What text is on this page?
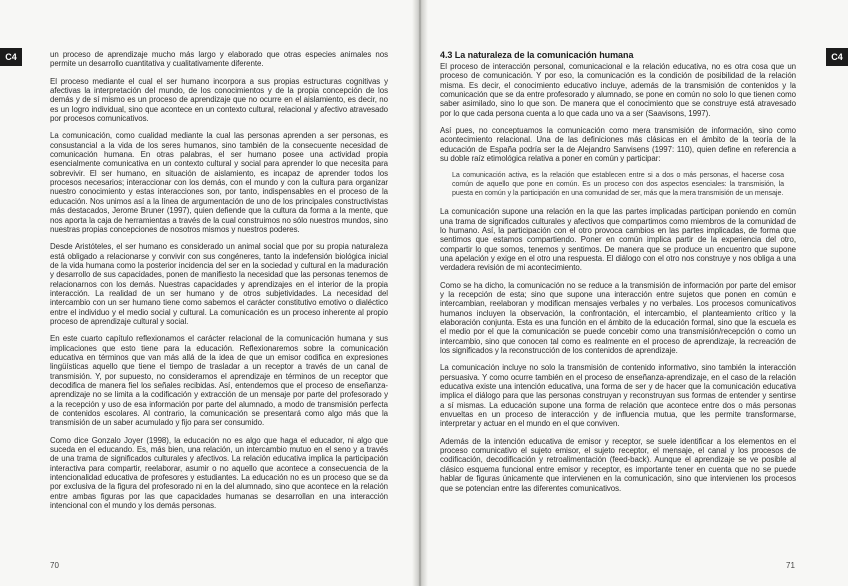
C4	C4

un proceso de aprendizaje mucho más largo y elaborado que otras especies animales nos permite un desarrollo cuantitativa y cualitativamente diferente.

El proceso mediante el cual el ser humano incorpora a sus propias estructuras cognitivas y afectivas la interpretación del mundo, de los conocimientos y de la propia concepción de los demás y de sí mismo es un proceso de aprendizaje que no ocurre en el aislamiento, es decir, no es un logro individual, sino que acontece en un contexto cultural, relacional y afectivo atravesado por procesos comunicativos.

La comunicación, como cualidad mediante la cual las personas aprenden a ser personas, es consustancial a la vida de los seres humanos, sino también de la consecuente necesidad de comunicación humana. En otras palabras, el ser humano posee una actividad propia esencialmente comunicativa en un contexto cultural y social para aprender lo que necesita para sobrevivir. El ser humano, en situación de aislamiento, es incapaz de aprender todos los procesos necesarios; interaccionar con los demás, con el mundo y con la cultura para organizar nuestro conocimiento y estas interacciones son, por tanto, indispensables en el proceso de la educación. Nos unimos así a la línea de argumentación de uno de los principales constructivistas más destacados, Jerome Bruner (1997), quien defiende que la cultura da forma a la mente, que nos aporta la caja de herramientas a través de la cual construimos no sólo nuestros mundos, sino nuestras propias concepciones de nosotros mismos y nuestros poderes.

Desde Aristóteles, el ser humano es considerado un animal social que por su propia naturaleza está obligado a relacionarse y convivir con sus congéneres, tanto la indefensión biológica inicial de la vida humana como la posterior incidencia del ser en la sociedad y cultural en la maduración y desarrollo de sus capacidades, ponen de manifiesto la necesidad que las personas tenemos de relacionarnos con los demás. Nuestras capacidades y aprendizajes en el interior de la propia interacción. La realidad de un ser humano y de otros subjetividades. La necesidad del intercambio con un ser humano tiene como sabemos el carácter constitutivo emotivo o dialéctico entre el individuo y el medio social y cultural. La comunicación es un proceso inherente al propio proceso de aprendizaje cultural y social.

En este cuarto capítulo reflexionamos el carácter relacional de la comunicación humana y sus implicaciones que esto tiene para la educación. Reflexionaremos sobre la comunicación educativa en términos que van más allá de la idea de que un emisor codifica en expresiones lingüísticas aquello que tiene el tiempo de trasladar a un receptor a través de un canal de transmisión. Y, por supuesto, no consideramos el aprendizaje en términos de un receptor que decodifica de manera fiel los señales recibidas. Así, entendemos que el proceso de enseñanza-aprendizaje no se limita a la codificación y extracción de un mensaje por parte del profesorado y a la recepción y uso de esa información por parte del alumnado, a modo de transmisión perfecta de contenidos escolares. Al contrario, la comunicación se presentará como algo más que la transmisión de un saber acumulado y fijo para ser consumido.

Como dice Gonzalo Joyer (1998), la educación no es algo que haga el educador, ni algo que suceda en el educando. Es, más bien, una relación, un intercambio mutuo en el seno y a través de una trama de significados culturales y afectivos. La relación educativa implica la participación interactiva para compartir, reelaborar, asumir o no aquello que acontece a consecuencia de la intencionalidad educativa de profesores y estudiantes. La educación no es un proceso que se da por exclusiva de la figura del profesorado ni en la del alumnado, sino que acontece en la relación entre ambas figuras por las que capacidades humanas se desarrollan en una interacción intencional con el mundo y los demás personas.

4.3 La naturaleza de la comunicación humana

El proceso de interacción personal, comunicacional e la relación educativa, no es otra cosa que un proceso de comunicación. Y por eso, la comunicación es la condición de posibilidad de la relación misma. Es decir, el conocimiento educativo incluye, además de la transmisión de contenidos y la comunicación que se da entre profesorado y alumnado, se pone en común no solo lo que tienen como saber asimilado, sino lo que son. De manera que el conocimiento que se construye está atravesado por lo que cada persona cuenta a lo que cada uno va a ser (Saavisons, 1997).

Así pues, no conceptuamos la comunicación como mera transmisión de información, sino como acontecimiento relacional. Una de las definiciones más clásicas en el ámbito de la teoría de la educación de España podría ser la de Alejandro Sanvisens (1997: 110), quien define en referencia a su doble raíz etimológica relativa a poner en común y participar:

La comunicación activa, es la relación que establecen entre si a dos o más personas, el hacerse cosa común de aquello que pone en común. Es un proceso con dos aspectos esenciales: la transmisión, la puesta en común y la participación en una comunidad de ser, más que la mera transmisión de un mensaje.

La comunicación supone una relación en la que las partes implicadas participan poniendo en común una trama de significados culturales y afectivos que compartimos como miembros de la comunidad de lo humano. Así, la participación con el otro provoca cambios en las partes implicadas, de forma que sentimos que estamos compartiendo. Poner en común implica partir de la experiencia del otro, compartir lo que somos, tenemos y sentimos. De manera que se produce un encuentro que supone una apelación y exige en el otro una respuesta. El diálogo con el otro nos construye y nos obliga a una verdadera revisión de mi acontecimiento.

Como se ha dicho, la comunicación no se reduce a la transmisión de información por parte del emisor y la recepción de esta; sino que supone una interacción entre sujetos que ponen en común e intercambian, reelaboran y modifican mensajes verbales y no verbales. Los procesos comunicativos humanos incluyen la observación, la confrontación, el intercambio, el planteamiento crítico y la elaboración conjunta. Esta es una función en el ámbito de la educación formal, sino que la escuela es el medio por el que la comunicación se puede concebir como una transmisión/recepción o como un intercambio, sino que conocen tal como es realmente en el proceso de aprendizaje, la recreación de los significados y la reconstrucción de los contenidos de aprendizaje.

La comunicación incluye no solo la transmisión de contenido informativo, sino también la interacción persuasiva. Y como ocurre también en el proceso de enseñanza-aprendizaje, en el caso de la relación educativa existe una intención educativa, una forma de ser y de hacer que la comunicación educativa implica el diálogo para que las personas construyan y reconstruyan sus formas de entender y sentirse a sí mismas. La educación supone una forma de relación que acontece entre dos o más personas envueltas en un proceso de interacción y de influencia mutua, que les permite transformarse, interpretar y actuar en el mundo en el que conviven.

Además de la intención educativa de emisor y receptor, se suele identificar a los elementos en el proceso comunicativo el sujeto emisor, el sujeto receptor, el mensaje, el canal y los procesos de codificación, decodificación y retroalimentación (feed-back). Aunque el aprendizaje se ve posible al clásico esquema funcional entre emisor y receptor, es importante tener en cuenta que no se puede hablar de figuras únicamente que intervienen en la comunicación, sino que intervienen los procesos que se potencian entre las diferentes comunicativos.

70	71
